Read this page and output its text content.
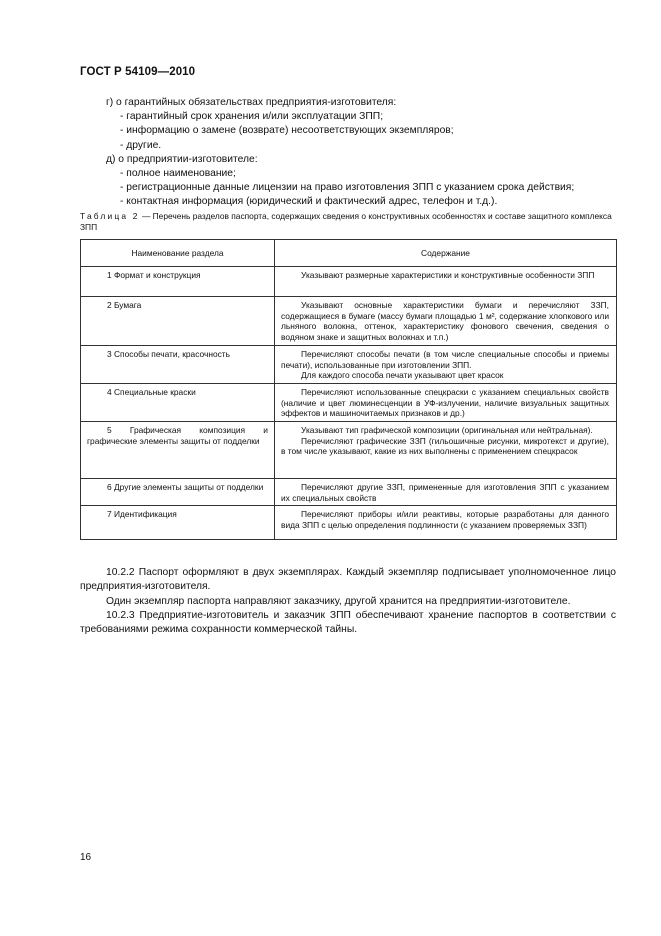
ГОСТ Р 54109—2010
г) о гарантийных обязательствах предприятия-изготовителя:
- гарантийный срок хранения и/или эксплуатации ЗПП;
- информацию о замене (возврате) несоответствующих экземпляров;
- другие.
д) о предприятии-изготовителе:
- полное наименование;
- регистрационные данные лицензии на право изготовления ЗПП с указанием срока действия;
- контактная информация (юридический и фактический адрес, телефон и т.д.).
Таблица 2 — Перечень разделов паспорта, содержащих сведения о конструктивных особенностях и составе защитного комплекса ЗПП
Наименование раздела	Содержание
1 Формат и конструкция	Указывают размерные характеристики и конструктивные особенности ЗПП

2 Бумага	Указывают основные характеристики бумаги и перечисляют ЗЗП, содержащиеся в бумаге (массу бумаги площадью 1 м², содержание хлопкового или льняного волокна, оттенок, характеристику фонового свечения, сведения о водяном знаке и защитных волокнах и т.п.)

3 Способы печати, красочность	Перечисляют способы печати (в том числе специальные способы и приемы печати), использованные при изготовлении ЗПП.
Для каждого способа печати указывают цвет красок

4 Специальные краски	Перечисляют использованные спецкраски с указанием специальных свойств (наличие и цвет люминесценции в УФ-излучении, наличие визуальных защитных эффектов и машиночитаемых признаков и др.)

5 Графическая композиция и графические элементы защиты от подделки	Указывают тип графической композиции (оригинальная или нейтральная).
Перечисляют графические ЗЗП (гильошичные рисунки, микротекст и другие), в том числе указывают, какие из них выполнены с применением спецкрасок

6 Другие элементы защиты от подделки	Перечисляют другие ЗЗП, примененные для изготовления ЗПП с указанием их специальных свойств

7 Идентификация	Перечисляют приборы и/или реактивы, которые разработаны для данного вида ЗПП с целью определения подлинности (с указанием проверяемых ЗЗП)

10.2.2 Паспорт оформляют в двух экземплярах. Каждый экземпляр подписывает уполномоченное лицо предприятия-изготовителя.

Один экземпляр паспорта направляют заказчику, другой хранится на предприятии-изготовителе.

10.2.3 Предприятие-изготовитель и заказчик ЗПП обеспечивают хранение паспортов в соответствии с требованиями режима сохранности коммерческой тайны.

16
